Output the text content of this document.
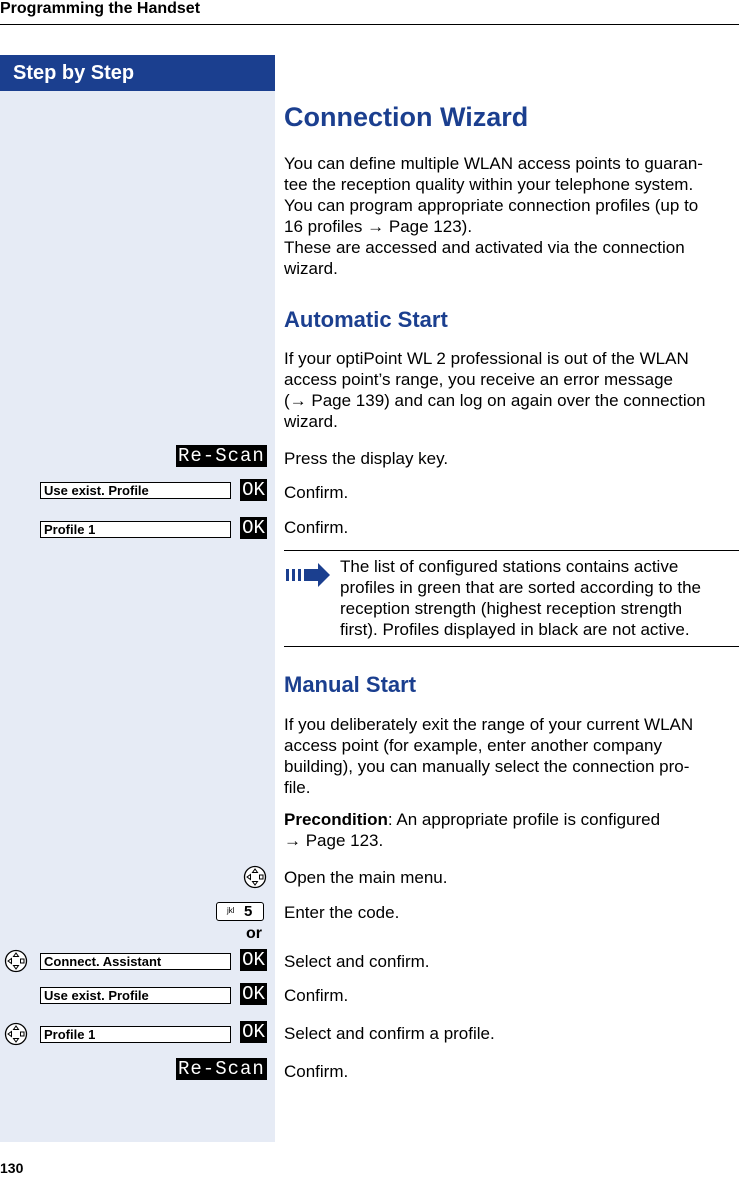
Programming the Handset
Step by Step
Connection Wizard
You can define multiple WLAN access points to guaran-
tee the reception quality within your telephone system.
You can program appropriate connection profiles (up to
16 profiles → Page 123).
These are accessed and activated via the connection
wizard.
Automatic Start
If your optiPoint WL 2 professional is out of the WLAN
access point’s range, you receive an error message
(→ Page 139) and can log on again over the connection
wizard.
Re-Scan Press the display key.
Use exist. Profile	OK Confirm.
Profile 1	OK Confirm.
The list of configured stations contains active
profiles in green that are sorted according to the
reception strength (highest reception strength
first). Profiles displayed in black are not active.
Manual Start
If you deliberately exit the range of your current WLAN
access point (for example, enter another company
building), you can manually select the connection pro-
file.
Precondition: An appropriate profile is configured
→ Page 123.
Open the main menu.
jkl 5 Enter the code.
or
Connect. Assistant	OK Select and confirm.
Use exist. Profile	OK Confirm.
Profile 1	OK Select and confirm a profile.
Re-Scan Confirm.
130
